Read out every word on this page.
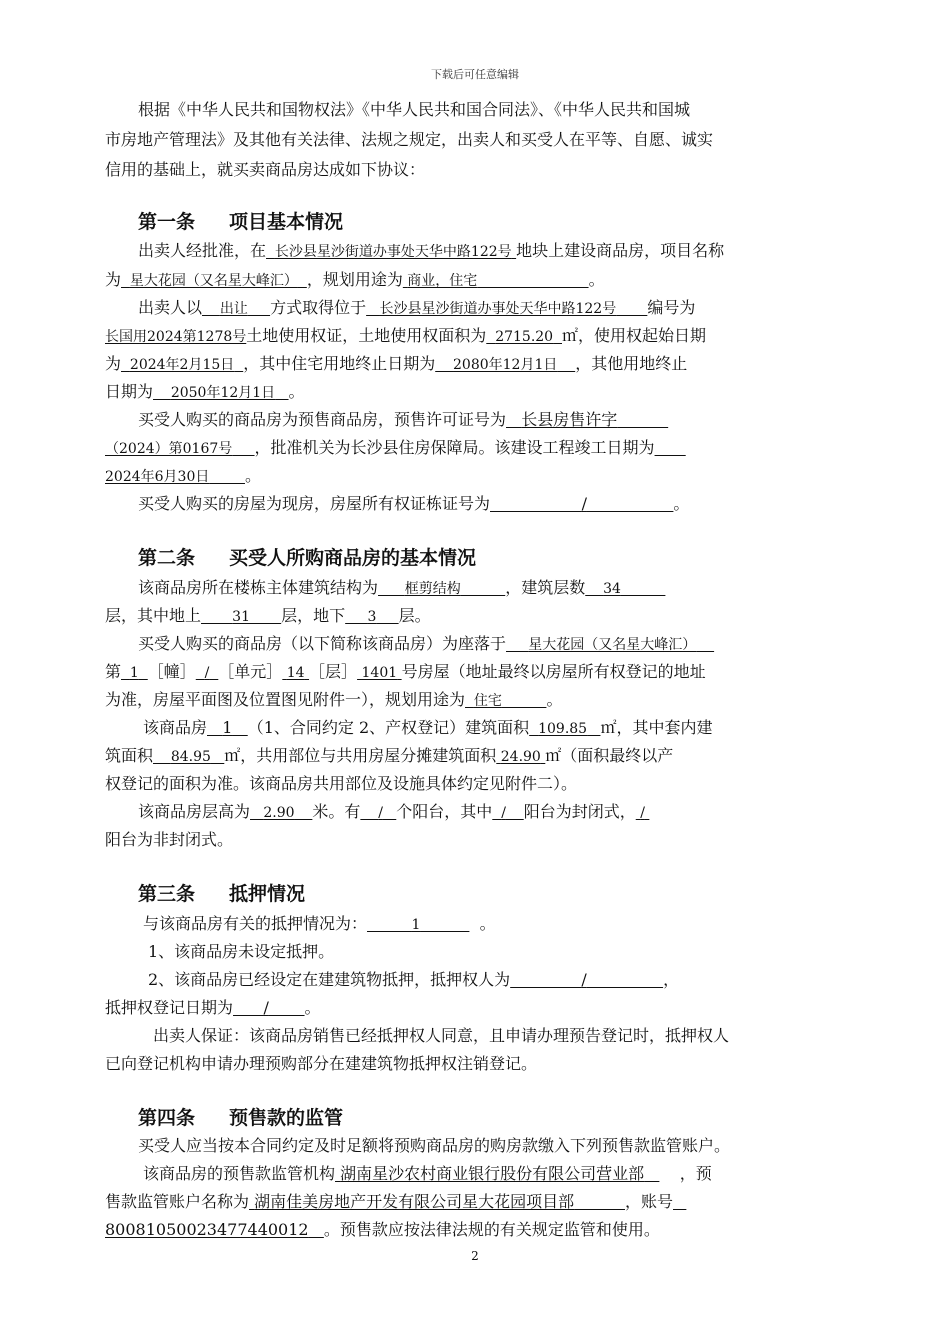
下载后可任意编辑
根据《中华人民共和国物权法》《中华人民共和国合同法》、《中华人民共和国城
市房地产管理法》及其他有关法律、法规之规定，出卖人和买受人在平等、自愿、诚实
信用的基础上，就买卖商品房达成如下协议：
第一条 项目基本情况
出卖人经批准，在 长沙县星沙街道办事处天华中路122号 地块上建设商品房，项目名称
为 星大花园（又名星大峰汇） ，规划用途为 商业，住宅	。
出卖人以 出让 方式取得位于 长沙县星沙街道办事处天华中路122号 编号为
长国用2024第1278号土地使用权证，土地使用权面积为 2715.20 ㎡，使用权起始日期
为 2024年2月15日 ，其中住宅用地终止日期为 2080年12月1日 ，其他用地终止
日期为 2050年12月1日 。
买受人购买的商品房为预售商品房，预售许可证号为 长县房售许字
（2024）第0167号 ，批准机关为长沙县住房保障局。该建设工程竣工日期为
2024年6月30日 。
买受人购买的房屋为现房，房屋所有权证栋证号为	/	。
第二条 买受人所购商品房的基本情况
该商品房所在楼栋主体建筑结构为 框剪结构	，建筑层数 34
层，其中地上 31 层，地下 3 层。
买受人购买的商品房（以下简称该商品房）为座落于 星大花园（又名星大峰汇）
第 1 ［幢］ / ［单元］ 14 ［层］ 1401 号房屋（地址最终以房屋所有权登记的地址
为准，房屋平面图及位置图见附件一），规划用途为 住宅	。
该商品房 1 （1、合同约定 2、产权登记）建筑面积 109.85 ㎡，其中套内建
筑面积 84.95 ㎡，共用部位与共用房屋分摊建筑面积 24.90 ㎡（面积最终以产
权登记的面积为准。该商品房共用部位及设施具体约定见附件二）。
该商品房层高为 2.90 米。有 / 个阳台，其中 / 阳台为封闭式， /
阳台为非封闭式。
第三条 抵押情况
与该商品房有关的抵押情况为：	1	。
1、该商品房未设定抵押。
2、该商品房已经设定在建建筑物抵押，抵押权人为	/	，
抵押权登记日期为 / 。
出卖人保证：该商品房销售已经抵押权人同意，且申请办理预告登记时，抵押权人
已向登记机构申请办理预购部分在建建筑物抵押权注销登记。
第四条 预售款的监管
买受人应当按本合同约定及时足额将预购商品房的购房款缴入下列预售款监管账户。
该商品房的预售款监管机构 湖南星沙农村商业银行股份有限公司营业部 ，预
售款监管账户名称为 湖南佳美房地产开发有限公司星大花园项目部	，账号
80081050023477440012 。预售款应按法律法规的有关规定监管和使用。
2
